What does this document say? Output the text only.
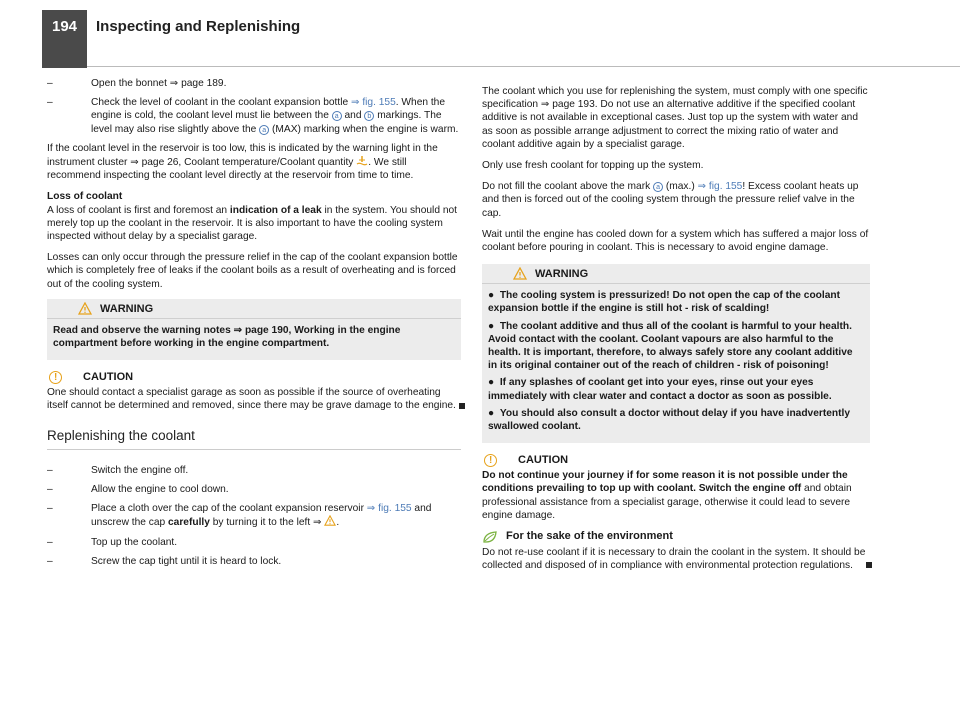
194	Inspecting and Replenishing
–	Open the bonnet ⇒ page 189.
–	Check the level of coolant in the coolant expansion bottle ⇒ fig. 155. When the engine is cold, the coolant level must lie between the a and b markings. The level may also rise slightly above the a (MAX) marking when the engine is warm.

If the coolant level in the reservoir is too low, this is indicated by the warning light in the instrument cluster ⇒ page 26, Coolant temperature/Coolant quantity . We still recommend inspecting the coolant level directly at the reservoir from time to time.

Loss of coolant

A loss of coolant is first and foremost an indication of a leak in the system. You should not merely top up the coolant in the reservoir. It is also important to have the cooling system inspected without delay by a specialist garage.

Losses can only occur through the pressure relief in the cap of the coolant expansion bottle which is completely free of leaks if the coolant boils as a result of overheating and is forced out of the cooling system.

WARNING

Read and observe the warning notes ⇒ page 190, Working in the engine compartment before working in the engine compartment.

! CAUTION

One should contact a specialist garage as soon as possible if the source of overheating itself cannot be determined and removed, since there may be grave damage to the engine.

Replenishing the coolant
–	Switch the engine off.
–	Allow the engine to cool down.
–	Place a cloth over the cap of the coolant expansion reservoir ⇒ fig. 155 and unscrew the cap carefully by turning it to the left ⇒ .
–	Top up the coolant.
–	Screw the cap tight until it is heard to lock.

The coolant which you use for replenishing the system, must comply with one specific specification ⇒ page 193. Do not use an alternative additive if the specified coolant additive is not available in exceptional cases. Just top up the system with water and as soon as possible arrange adjustment to correct the mixing ratio of water and coolant additive again by a specialist garage.

Only use fresh coolant for topping up the system.

Do not fill the coolant above the mark a (max.) ⇒ fig. 155! Excess coolant heats up and then is forced out of the cooling system through the pressure relief valve in the cap.

Wait until the engine has cooled down for a system which has suffered a major loss of coolant before pouring in coolant. This is necessary to avoid engine damage.

WARNING

● The cooling system is pressurized! Do not open the cap of the coolant expansion bottle if the engine is still hot - risk of scalding!

● The coolant additive and thus all of the coolant is harmful to your health. Avoid contact with the coolant. Coolant vapours are also harmful to the health. It is important, therefore, to always safely store any coolant additive in its original container out of the reach of children - risk of poisoning!

● If any splashes of coolant get into your eyes, rinse out your eyes immediately with clear water and contact a doctor as soon as possible.

● You should also consult a doctor without delay if you have inadvertently swallowed coolant.

! CAUTION

Do not continue your journey if for some reason it is not possible under the conditions prevailing to top up with coolant. Switch the engine off and obtain professional assistance from a specialist garage, otherwise it could lead to severe engine damage.

For the sake of the environment

Do not re-use coolant if it is necessary to drain the coolant in the system. It should be collected and disposed of in compliance with environmental protection regulations.
